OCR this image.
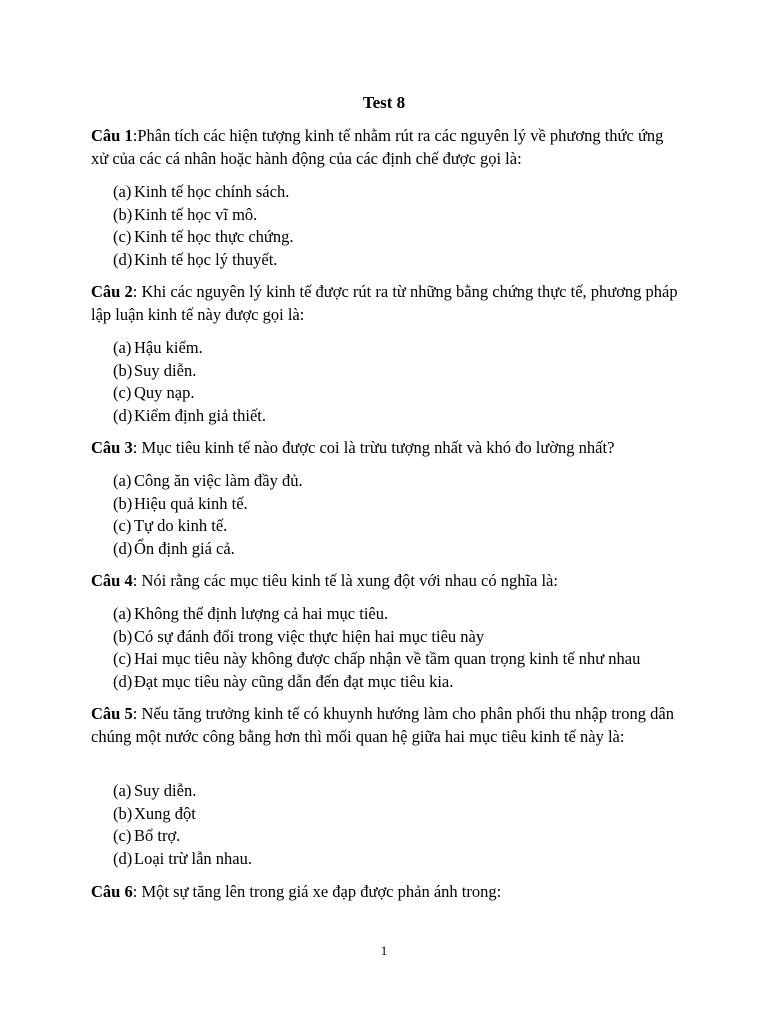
Test 8
Câu 1:Phân tích các hiện tượng kinh tế nhằm rút ra các nguyên lý về phương thức ứng xử của các cá nhân hoặc hành động của các định chế được gọi là:
(a) Kinh tế học chính sách.
(b) Kinh tế học vĩ mô.
(c) Kinh tế học thực chứng.
(d) Kinh tế học lý thuyết.
Câu 2: Khi các nguyên lý kinh tế được rút ra từ những bằng chứng thực tế, phương pháp lập luận kinh tế này được gọi là:
(a) Hậu kiểm.
(b) Suy diễn.
(c) Quy nạp.
(d) Kiểm định giả thiết.
Câu 3: Mục tiêu kinh tế nào được coi là trừu tượng nhất và khó đo lường nhất?
(a) Công ăn việc làm đầy đủ.
(b) Hiệu quả kinh tế.
(c) Tự do kinh tế.
(d) Ổn định giá cả.
Câu 4: Nói rằng các mục tiêu kinh tế là xung đột với nhau có nghĩa là:
(a) Không thể định lượng cả hai mục tiêu.
(b) Có sự đánh đổi trong việc thực hiện hai mục tiêu này
(c) Hai mục tiêu này không được chấp nhận về tầm quan trọng kinh tế như nhau
(d) Đạt mục tiêu này cũng dẫn đến đạt mục tiêu kia.
Câu 5: Nếu tăng trưởng kinh tế có khuynh hướng làm cho phân phối thu nhập trong dân chúng một nước công bằng hơn thì mối quan hệ giữa hai mục tiêu kinh tế này là:
(a) Suy diễn.
(b) Xung đột
(c) Bổ trợ.
(d) Loại trừ lẫn nhau.
Câu 6: Một sự tăng lên trong giá xe đạp được phản ánh trong:
1
